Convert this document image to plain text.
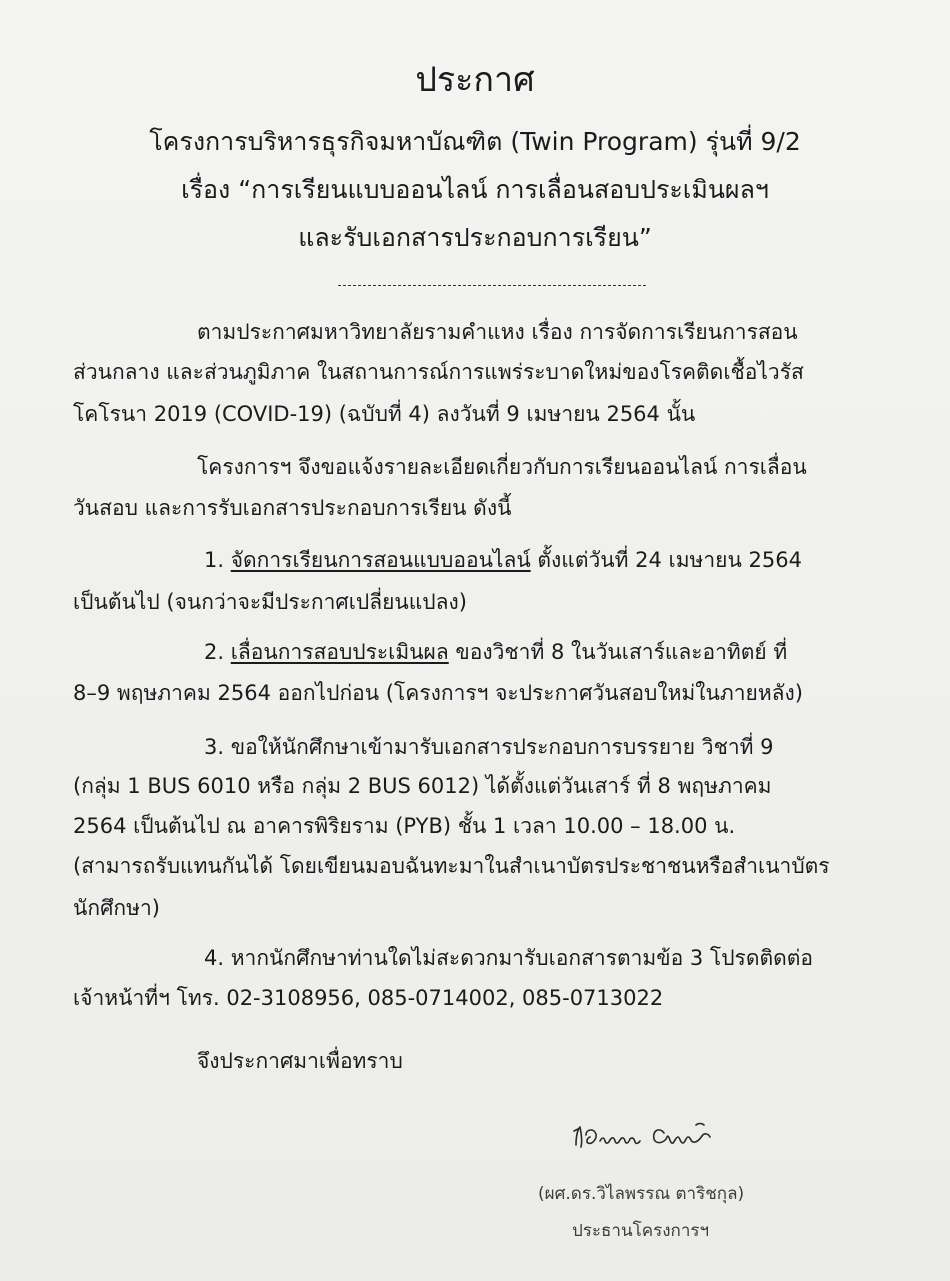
ประกาศ
โครงการบริหารธุรกิจมหาบัณฑิต (Twin Program) รุ่นที่ 9/2
เรื่อง “การเรียนแบบออนไลน์ การเลื่อนสอบประเมินผลฯ
และรับเอกสารประกอบการเรียน”
ตามประกาศมหาวิทยาลัยรามคำแหง เรื่อง การจัดการเรียนการสอน
ส่วนกลาง และส่วนภูมิภาค ในสถานการณ์การแพร่ระบาดใหม่ของโรคติดเชื้อไวรัส
โคโรนา 2019 (COVID-19) (ฉบับที่ 4) ลงวันที่ 9 เมษายน 2564 นั้น
โครงการฯ จึงขอแจ้งรายละเอียดเกี่ยวกับการเรียนออนไลน์ การเลื่อน
วันสอบ และการรับเอกสารประกอบการเรียน ดังนี้
1. จัดการเรียนการสอนแบบออนไลน์ ตั้งแต่วันที่ 24 เมษายน 2564
เป็นต้นไป (จนกว่าจะมีประกาศเปลี่ยนแปลง)
2. เลื่อนการสอบประเมินผล ของวิชาที่ 8 ในวันเสาร์และอาทิตย์ ที่
8–9 พฤษภาคม 2564 ออกไปก่อน (โครงการฯ จะประกาศวันสอบใหม่ในภายหลัง)
3. ขอให้นักศึกษาเข้ามารับเอกสารประกอบการบรรยาย วิชาที่ 9
(กลุ่ม 1 BUS 6010 หรือ กลุ่ม 2 BUS 6012) ได้ตั้งแต่วันเสาร์ ที่ 8 พฤษภาคม
2564 เป็นต้นไป ณ อาคารพิริยราม (PYB) ชั้น 1 เวลา 10.00 – 18.00 น.
(สามารถรับแทนกันได้ โดยเขียนมอบฉันทะมาในสำเนาบัตรประชาชนหรือสำเนาบัตร
นักศึกษา)
4. หากนักศึกษาท่านใดไม่สะดวกมารับเอกสารตามข้อ 3 โปรดติดต่อ
เจ้าหน้าที่ฯ โทร. 02-3108956, 085-0714002, 085-0713022
จึงประกาศมาเพื่อทราบ
(ผศ.ดร.วิไลพรรณ ตาริชกุล)
ประธานโครงการฯ
